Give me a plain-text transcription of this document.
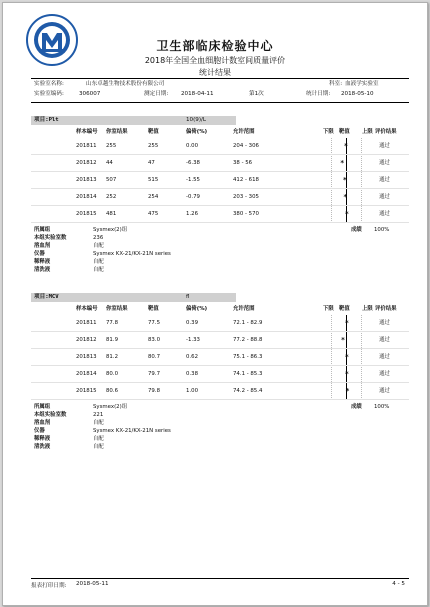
卫生部临床检验中心
2018年全国全血细胞计数室间质量评价
统计结果
实验室名称:	山东卓越生物技术股份有限公司	科室: 血液学实验室
实验室编码:	306007	测定日期: 2018-04-11	第1次	统计日期: 2018-05-10
项目:Plt	10(9)/L
样本编号 你室结果	靶值	偏倚(%)	允许范围	下限 靶值 上限 评价结果
201811 255	255	0.00	204 - 306	通过
*
201812 44	47	-6.38	38 - 56	通过
*
201813 507	515	-1.55	412 - 618	通过
*
201814 252	254	-0.79	203 - 305	通过
*
201815 481	475	1.26	380 - 570	通过
*
所属组	Sysmex(2)组
本组实验室数	236
溶血剂	自配
仪器	Sysmex KX-21/KX-21N series
稀释液	自配
清洗液	自配
成绩 100%
项目:MCV	fl
样本编号 你室结果	靶值	偏倚(%)	允许范围	下限 靶值 上限 评价结果
201811 77.8	77.5	0.39	72.1 - 82.9	通过
*
201812 81.9	83.0	-1.33	77.2 - 88.8	通过
*
201813 81.2	80.7	0.62	75.1 - 86.3	通过
*
201814 80.0	79.7	0.38	74.1 - 85.3	通过
*
201815 80.6	79.8	1.00	74.2 - 85.4	通过
*
所属组	Sysmex(2)组
本组实验室数	221
溶血剂	自配
仪器	Sysmex KX-21/KX-21N series
稀释液	自配
清洗液	自配
成绩 100%
报表打印日期: 2018-05-11	4 - 5
